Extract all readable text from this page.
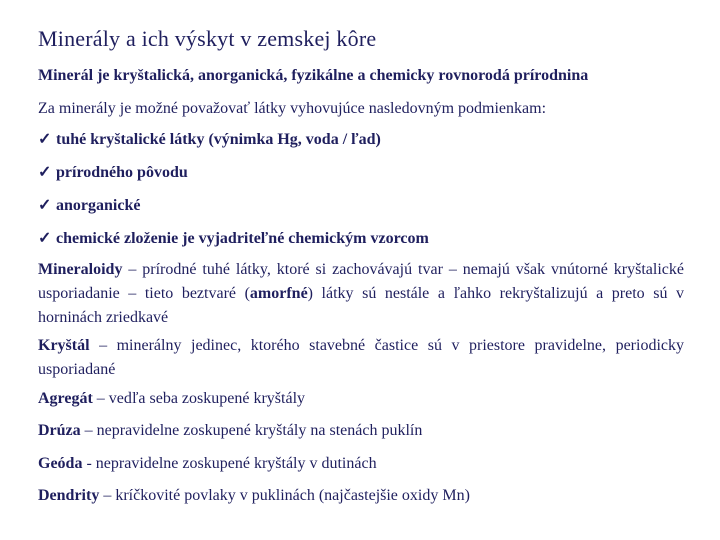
Minerály a ich výskyt v zemskej kôre
Minerál je kryštalická, anorganická, fyzikálne a chemicky rovnorodá prírodnina
Za minerály je možné považovať látky vyhovujúce nasledovným podmienkam:
✓ tuhé kryštalické látky (výnimka Hg, voda / ľad)
✓ prírodného pôvodu
✓ anorganické
✓ chemické zloženie je vyjadriteľné chemickým vzorcom
Mineraloidy – prírodné tuhé látky, ktoré si zachovávajú tvar – nemajú však vnútorné kryštalické usporiadanie – tieto beztvaré (amorfné) látky sú nestále a ľahko rekryštalizujú a preto sú v horninách zriedkavé
Kryštál – minerálny jedinec, ktorého stavebné častice sú v priestore pravidelne, periodicky usporiadané
Agregát – vedľa seba zoskupené kryštály
Drúza – nepravidelne zoskupené kryštály na stenách puklín
Geóda - nepravidelne zoskupené kryštály v dutinách
Dendrity – kríčkovité povlaky v puklinách (najčastejšie oxidy Mn)
